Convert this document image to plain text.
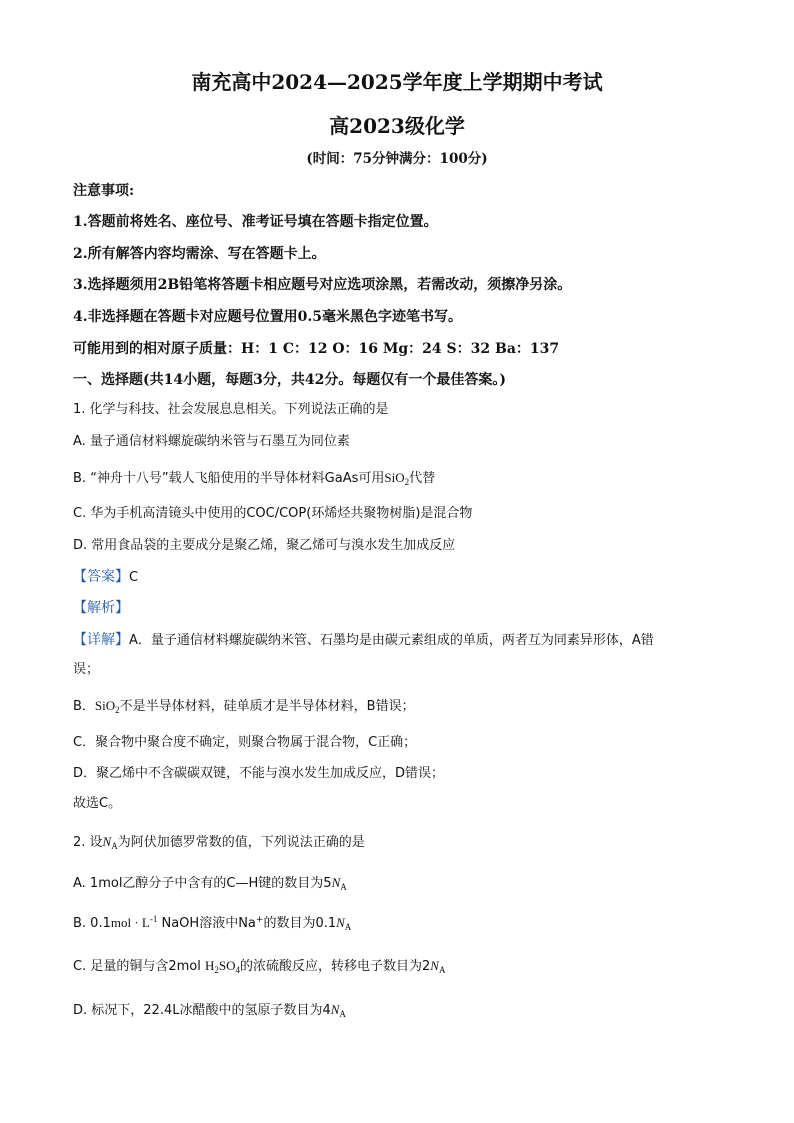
南充高中2024—2025学年度上学期期中考试
高2023级化学
(时间：75分钟满分：100分)
注意事项:
1.答题前将姓名、座位号、准考证号填在答题卡指定位置。
2.所有解答内容均需涂、写在答题卡上。
3.选择题须用2B铅笔将答题卡相应题号对应选项涂黑，若需改动，须擦净另涂。
4.非选择题在答题卡对应题号位置用0.5毫米黑色字迹笔书写。
可能用到的相对原子质量：H：1 C：12 O：16 Mg：24 S：32 Ba：137
一、选择题(共14小题，每题3分，共42分。每题仅有一个最佳答案。)
1. 化学与科技、社会发展息息相关。下列说法正确的是
A. 量子通信材料螺旋碳纳米管与石墨互为同位素
B. “神舟十八号”载人飞船使用的半导体材料GaAs可用SiO$_2$代替
C. 华为手机高清镜头中使用的COC/COP(环烯烃共聚物树脂)是混合物
D. 常用食品袋的主要成分是聚乙烯，聚乙烯可与溴水发生加成反应
【答案】C
【解析】
【详解】A．量子通信材料螺旋碳纳米管、石墨均是由碳元素组成的单质，两者互为同素异形体，A错
误；
B．SiO$_2$不是半导体材料，硅单质才是半导体材料，B错误；
C．聚合物中聚合度不确定，则聚合物属于混合物，C正确；
D．聚乙烯中不含碳碳双键，不能与溴水发生加成反应，D错误；
故选C。
2. 设$N_A$为阿伏加德罗常数的值，下列说法正确的是
A. 1mol乙醇分子中含有的C—H键的数目为$5N_A$
B. $0.1mol \cdot L^{-1}$ NaOH溶液中Na+的数目为$0.1N_A$
C. 足量的铜与含2mol $H_2SO_4$的浓硫酸反应，转移电子数目为$2N_A$
D. 标况下，22.4L冰醋酸中的氢原子数目为$4N_A$
